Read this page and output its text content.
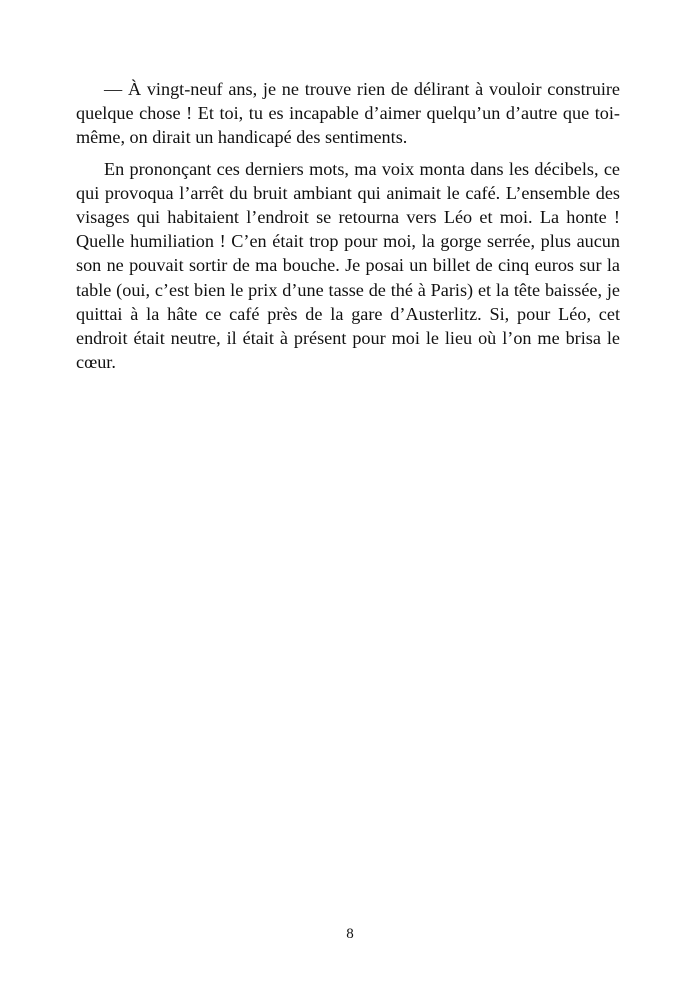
— À vingt-neuf ans, je ne trouve rien de délirant à vouloir construire quelque chose ! Et toi, tu es incapable d’aimer quelqu’un d’autre que toi-même, on dirait un handicapé des sentiments.

En prononçant ces derniers mots, ma voix monta dans les décibels, ce qui provoqua l’arrêt du bruit ambiant qui animait le café. L’ensemble des visages qui habitaient l’endroit se retourna vers Léo et moi. La honte ! Quelle humiliation ! C’en était trop pour moi, la gorge serrée, plus aucun son ne pouvait sortir de ma bouche. Je posai un billet de cinq euros sur la table (oui, c’est bien le prix d’une tasse de thé à Paris) et la tête baissée, je quittai à la hâte ce café près de la gare d’Austerlitz. Si, pour Léo, cet endroit était neutre, il était à présent pour moi le lieu où l’on me brisa le cœur.

8
